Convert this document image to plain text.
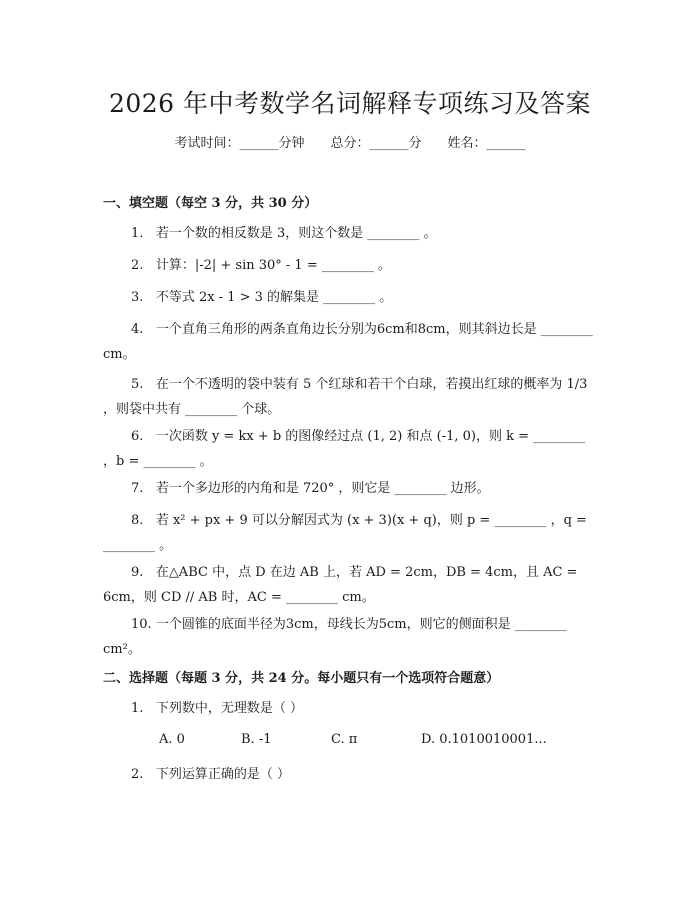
2026 年中考数学名词解释专项练习及答案
考试时间：______分钟 总分：______分 姓名：______
一、填空题（每空 3 分，共 30 分）
1. 若一个数的相反数是 3，则这个数是 ________ 。
2. 计算：|-2| + sin 30° - 1 = ________ 。
3. 不等式 2x - 1 > 3 的解集是 ________ 。
4. 一个直角三角形的两条直角边长分别为6cm和8cm，则其斜边长是 ________ cm。
5. 在一个不透明的袋中装有 5 个红球和若干个白球，若摸出红球的概率为 1/3 ，则袋中共有 ________ 个球。
6. 一次函数 y = kx + b 的图像经过点 (1, 2) 和点 (-1, 0)，则 k = ________ ，b = ________ 。
7. 若一个多边形的内角和是 720° ，则它是 ________ 边形。
8. 若 x² + px + 9 可以分解因式为 (x + 3)(x + q)，则 p = ________ ，q = ________ 。
9. 在△ABC 中，点 D 在边 AB 上，若 AD = 2cm，DB = 4cm，且 AC = 6cm，则 CD // AB 时，AC = ________ cm。
10. 一个圆锥的底面半径为3cm，母线长为5cm，则它的侧面积是 ________ cm²。
二、选择题（每题 3 分，共 24 分。每小题只有一个选项符合题意）
1. 下列数中，无理数是（ ）
A. 0	B. -1	C. π	D. 0.1010010001...
2. 下列运算正确的是（ ）
